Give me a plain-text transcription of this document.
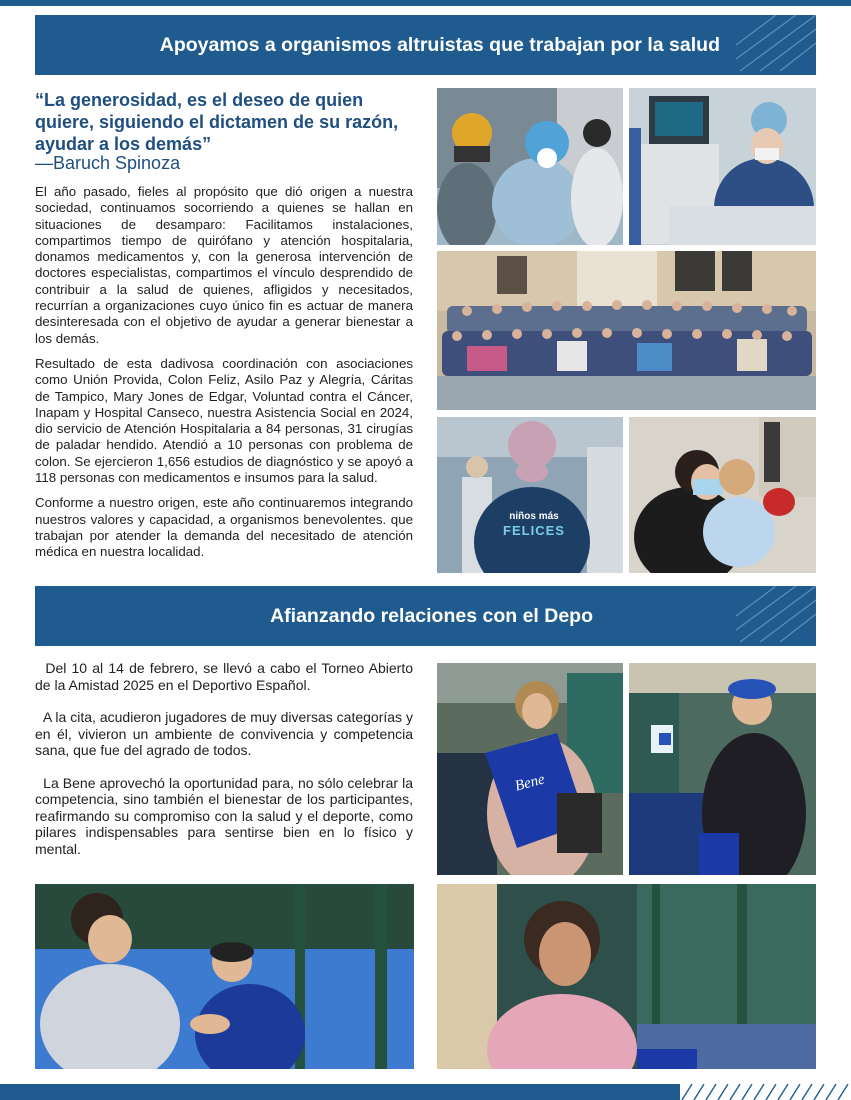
Apoyamos a organismos altruistas que trabajan por la salud
“La generosidad, es el deseo de quien quiere, siguiendo el dictamen de su razón, ayudar a los demás”
—Baruch Spinoza

El año pasado, fieles al propósito que dió origen a nuestra sociedad, continuamos socorriendo a quienes se hallan en situaciones de desamparo: Facilitamos instalaciones, compartimos tiempo de quirófano y atención hospitalaria, donamos medicamentos y, con la generosa intervención de doctores especialistas, compartimos el vínculo desprendido de contribuir a la salud de quienes, afligidos y necesitados, recurrían a organizaciones cuyo único fin es actuar de manera desinteresada con el objetivo de ayudar a generar bienestar a los demás.

Resultado de esta dadivosa coordinación con asociaciones como Unión Provida, Colon Feliz, Asilo Paz y Alegría, Cáritas de Tampico, Mary Jones de Edgar, Voluntad contra el Cáncer, Inapam y Hospital Canseco, nuestra Asistencia Social en 2024, dio servicio de Atención Hospitalaria a 84 personas, 31 cirugías de paladar hendido. Atendió a 10 personas con problema de colon. Se ejercieron 1,656 estudios de diagnóstico y se apoyó a 118 personas con medicamentos e insumos para la salud.

Conforme a nuestro origen, este año continuaremos integrando nuestros valores y capacidad, a organismos benevolentes. que trabajan por atender la demanda del necesitado de atención médica en nuestra localidad.

niños más
FELICES
Afianzando relaciones con el Depo

Del 10 al 14 de febrero, se llevó a cabo el Torneo Abierto de la Amistad 2025 en el Deportivo Español.

A la cita, acudieron jugadores de muy diversas categorías y en él, vivieron un ambiente de convivencia y competencia sana, que fue del agrado de todos.

La Bene aprovechó la oportunidad para, no sólo celebrar la competencia, sino también el bienestar de los participantes, reafirmando su compromiso con la salud y el deporte, como pilares indispensables para sentirse bien en lo físico y mental.

Bene
